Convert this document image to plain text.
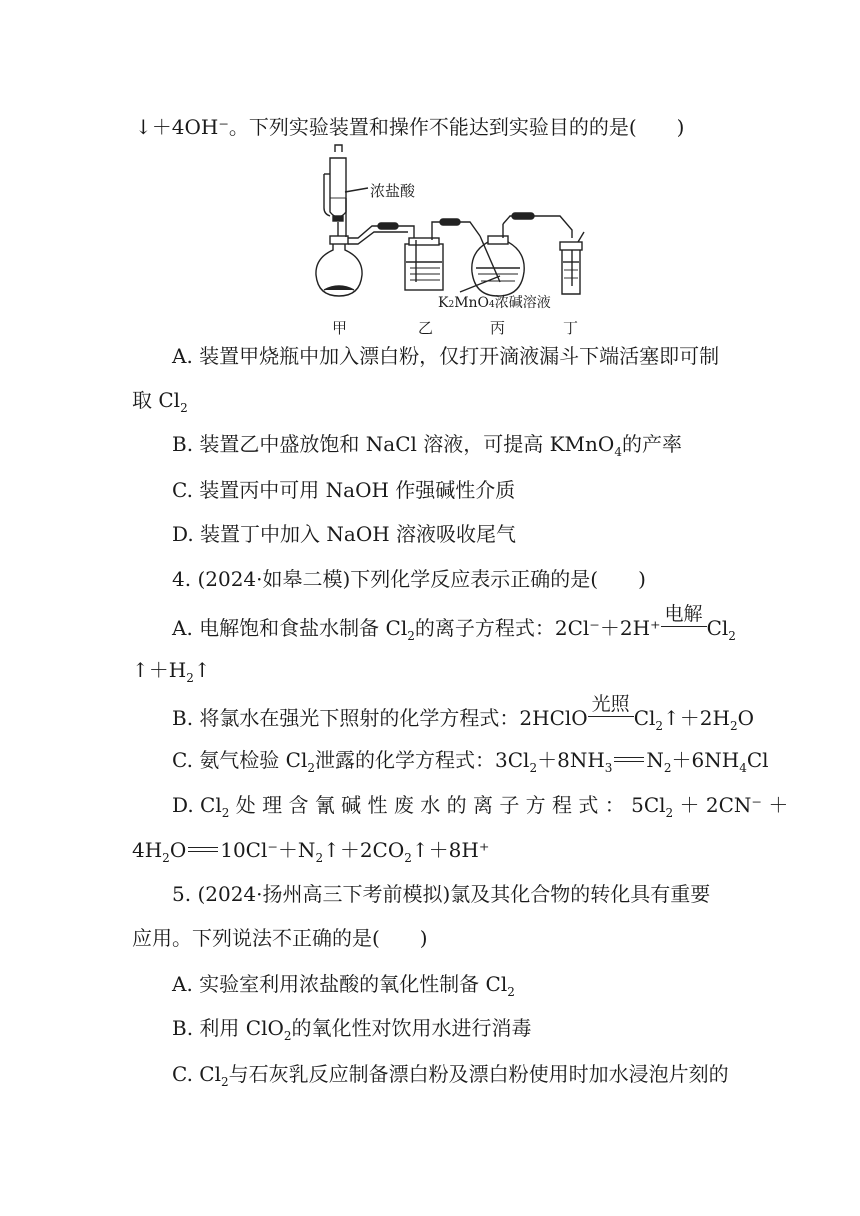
↓＋4OH⁻。下列实验装置和操作不能达到实验目的的是(　　)
浓盐酸
K2MnO4浓碱溶液
甲	乙	丙	丁
A. 装置甲烧瓶中加入漂白粉，仅打开滴液漏斗下端活塞即可制
取 $Cl_2$
B. 装置乙中盛放饱和 NaCl 溶液，可提高 KMnO$_4$的产率
C. 装置丙中可用 NaOH 作强碱性介质
D. 装置丁中加入 NaOH 溶液吸收尾气
4. (2024·如皋二模)下列化学反应表示正确的是(　　)
A. 电解饱和食盐水制备 $Cl_2$的离子方程式：2Cl⁻＋2H⁺
电解
$Cl_2$
$↑+H_2↑$
B. 将氯水在强光下照射的化学方程式：2HClO
光照
$Cl_2↑+2H_2O$
C. 氨气检验 $Cl_2$泄露的化学方程式：$3Cl_2+8NH_3$ $N_2+6NH_4Cl$
D. $Cl_2$ 处 理 含 氰 碱 性 废 水 的 离 子 方 程 式 ： $5Cl_2 + 2CN^-$ ＋
$4H_2O$ $10Cl^-+N_2↑+2CO_2↑+8H^+$
5. (2024·扬州高三下考前模拟)氯及其化合物的转化具有重要
应用。下列说法不正确的是(　　)
A. 实验室利用浓盐酸的氧化性制备 $Cl_2$
B. 利用 ClO$_2$的氧化性对饮用水进行消毒
C. $Cl_2$与石灰乳反应制备漂白粉及漂白粉使用时加水浸泡片刻的
